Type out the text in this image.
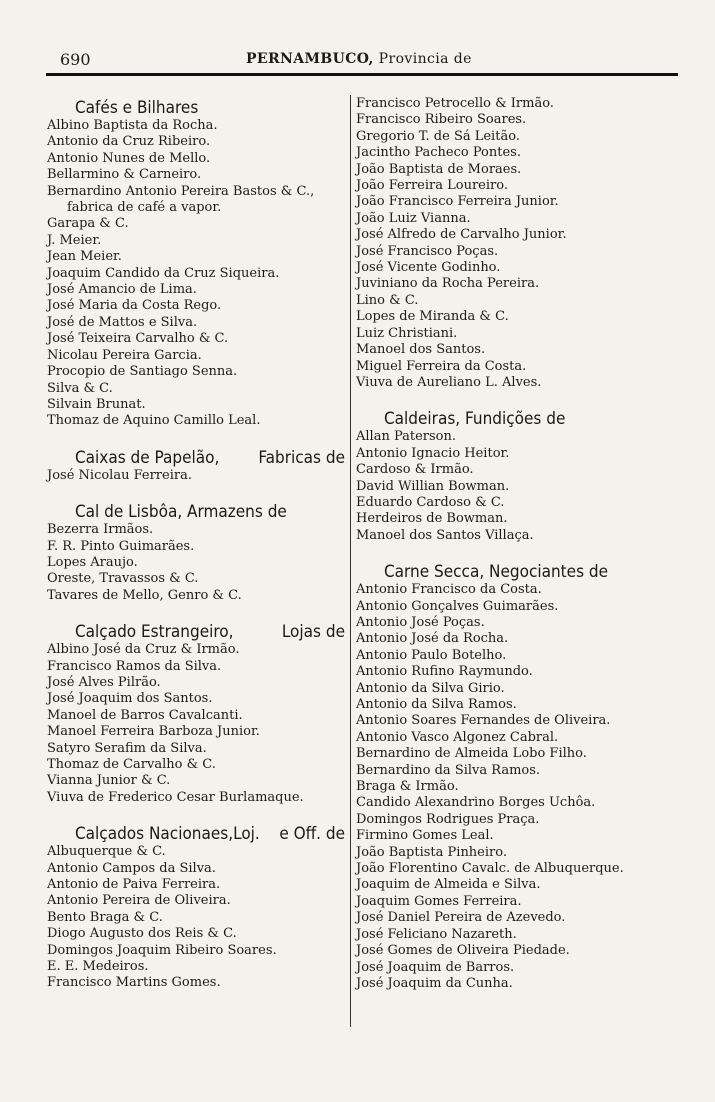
690	PERNAMBUCO, Provincia de
Cafés e Bilhares
Albino Baptista da Rocha.
Antonio da Cruz Ribeiro.
Antonio Nunes de Mello.
Bellarmino & Carneiro.
Bernardino Antonio Pereira Bastos & C.,
fabrica de café a vapor.
Garapa & C.
J. Meier.
Jean Meier.
Joaquim Candido da Cruz Siqueira.
José Amancio de Lima.
José Maria da Costa Rego.
José de Mattos e Silva.
José Teixeira Carvalho & C.
Nicolau Pereira Garcia.
Procopio de Santiago Senna.
Silva & C.
Silvain Brunat.
Thomaz de Aquino Camillo Leal.
Caixas de Papelão, Fabricas de
José Nicolau Ferreira.
Cal de Lisbôa, Armazens de
Bezerra Irmãos.
F. R. Pinto Guimarães.
Lopes Araujo.
Oreste, Travassos & C.
Tavares de Mello, Genro & C.
Calçado Estrangeiro,	Lojas de
Albino José da Cruz & Irmão.
Francisco Ramos da Silva.
José Alves Pilrão.
José Joaquim dos Santos.
Manoel de Barros Cavalcanti.
Manoel Ferreira Barboza Junior.
Satyro Serafim da Silva.
Thomaz de Carvalho & C.
Vianna Junior & C.
Viuva de Frederico Cesar Burlamaque.
Calçados Nacionaes,Loj. e Off. de
Albuquerque & C.
Antonio Campos da Silva.
Antonio de Paiva Ferreira.
Antonio Pereira de Oliveira.
Bento Braga & C.
Diogo Augusto dos Reis & C.
Domingos Joaquim Ribeiro Soares.
E. E. Medeiros.
Francisco Martins Gomes.
Francisco Petrocello & Irmão.
Francisco Ribeiro Soares.
Gregorio T. de Sá Leitão.
Jacintho Pacheco Pontes.
João Baptista de Moraes.
João Ferreira Loureiro.
João Francisco Ferreira Junior.
João Luiz Vianna.
José Alfredo de Carvalho Junior.
José Francisco Poças.
José Vicente Godinho.
Juviniano da Rocha Pereira.
Lino & C.
Lopes de Miranda & C.
Luiz Christiani.
Manoel dos Santos.
Miguel Ferreira da Costa.
Viuva de Aureliano L. Alves.
Caldeiras, Fundições de
Allan Paterson.
Antonio Ignacio Heitor.
Cardoso & Irmão.
David Willian Bowman.
Eduardo Cardoso & C.
Herdeiros de Bowman.
Manoel dos Santos Villaça.
Carne Secca, Negociantes de
Antonio Francisco da Costa.
Antonio Gonçalves Guimarães.
Antonio José Poças.
Antonio José da Rocha.
Antonio Paulo Botelho.
Antonio Rufino Raymundo.
Antonio da Silva Girio.
Antonio da Silva Ramos.
Antonio Soares Fernandes de Oliveira.
Antonio Vasco Algonez Cabral.
Bernardino de Almeida Lobo Filho.
Bernardino da Silva Ramos.
Braga & Irmão.
Candido Alexandrino Borges Uchôa.
Domingos Rodrigues Praça.
Firmino Gomes Leal.
João Baptista Pinheiro.
João Florentino Cavalc. de Albuquerque.
Joaquim de Almeida e Silva.
Joaquim Gomes Ferreira.
José Daniel Pereira de Azevedo.
José Feliciano Nazareth.
José Gomes de Oliveira Piedade.
José Joaquim de Barros.
José Joaquim da Cunha.
